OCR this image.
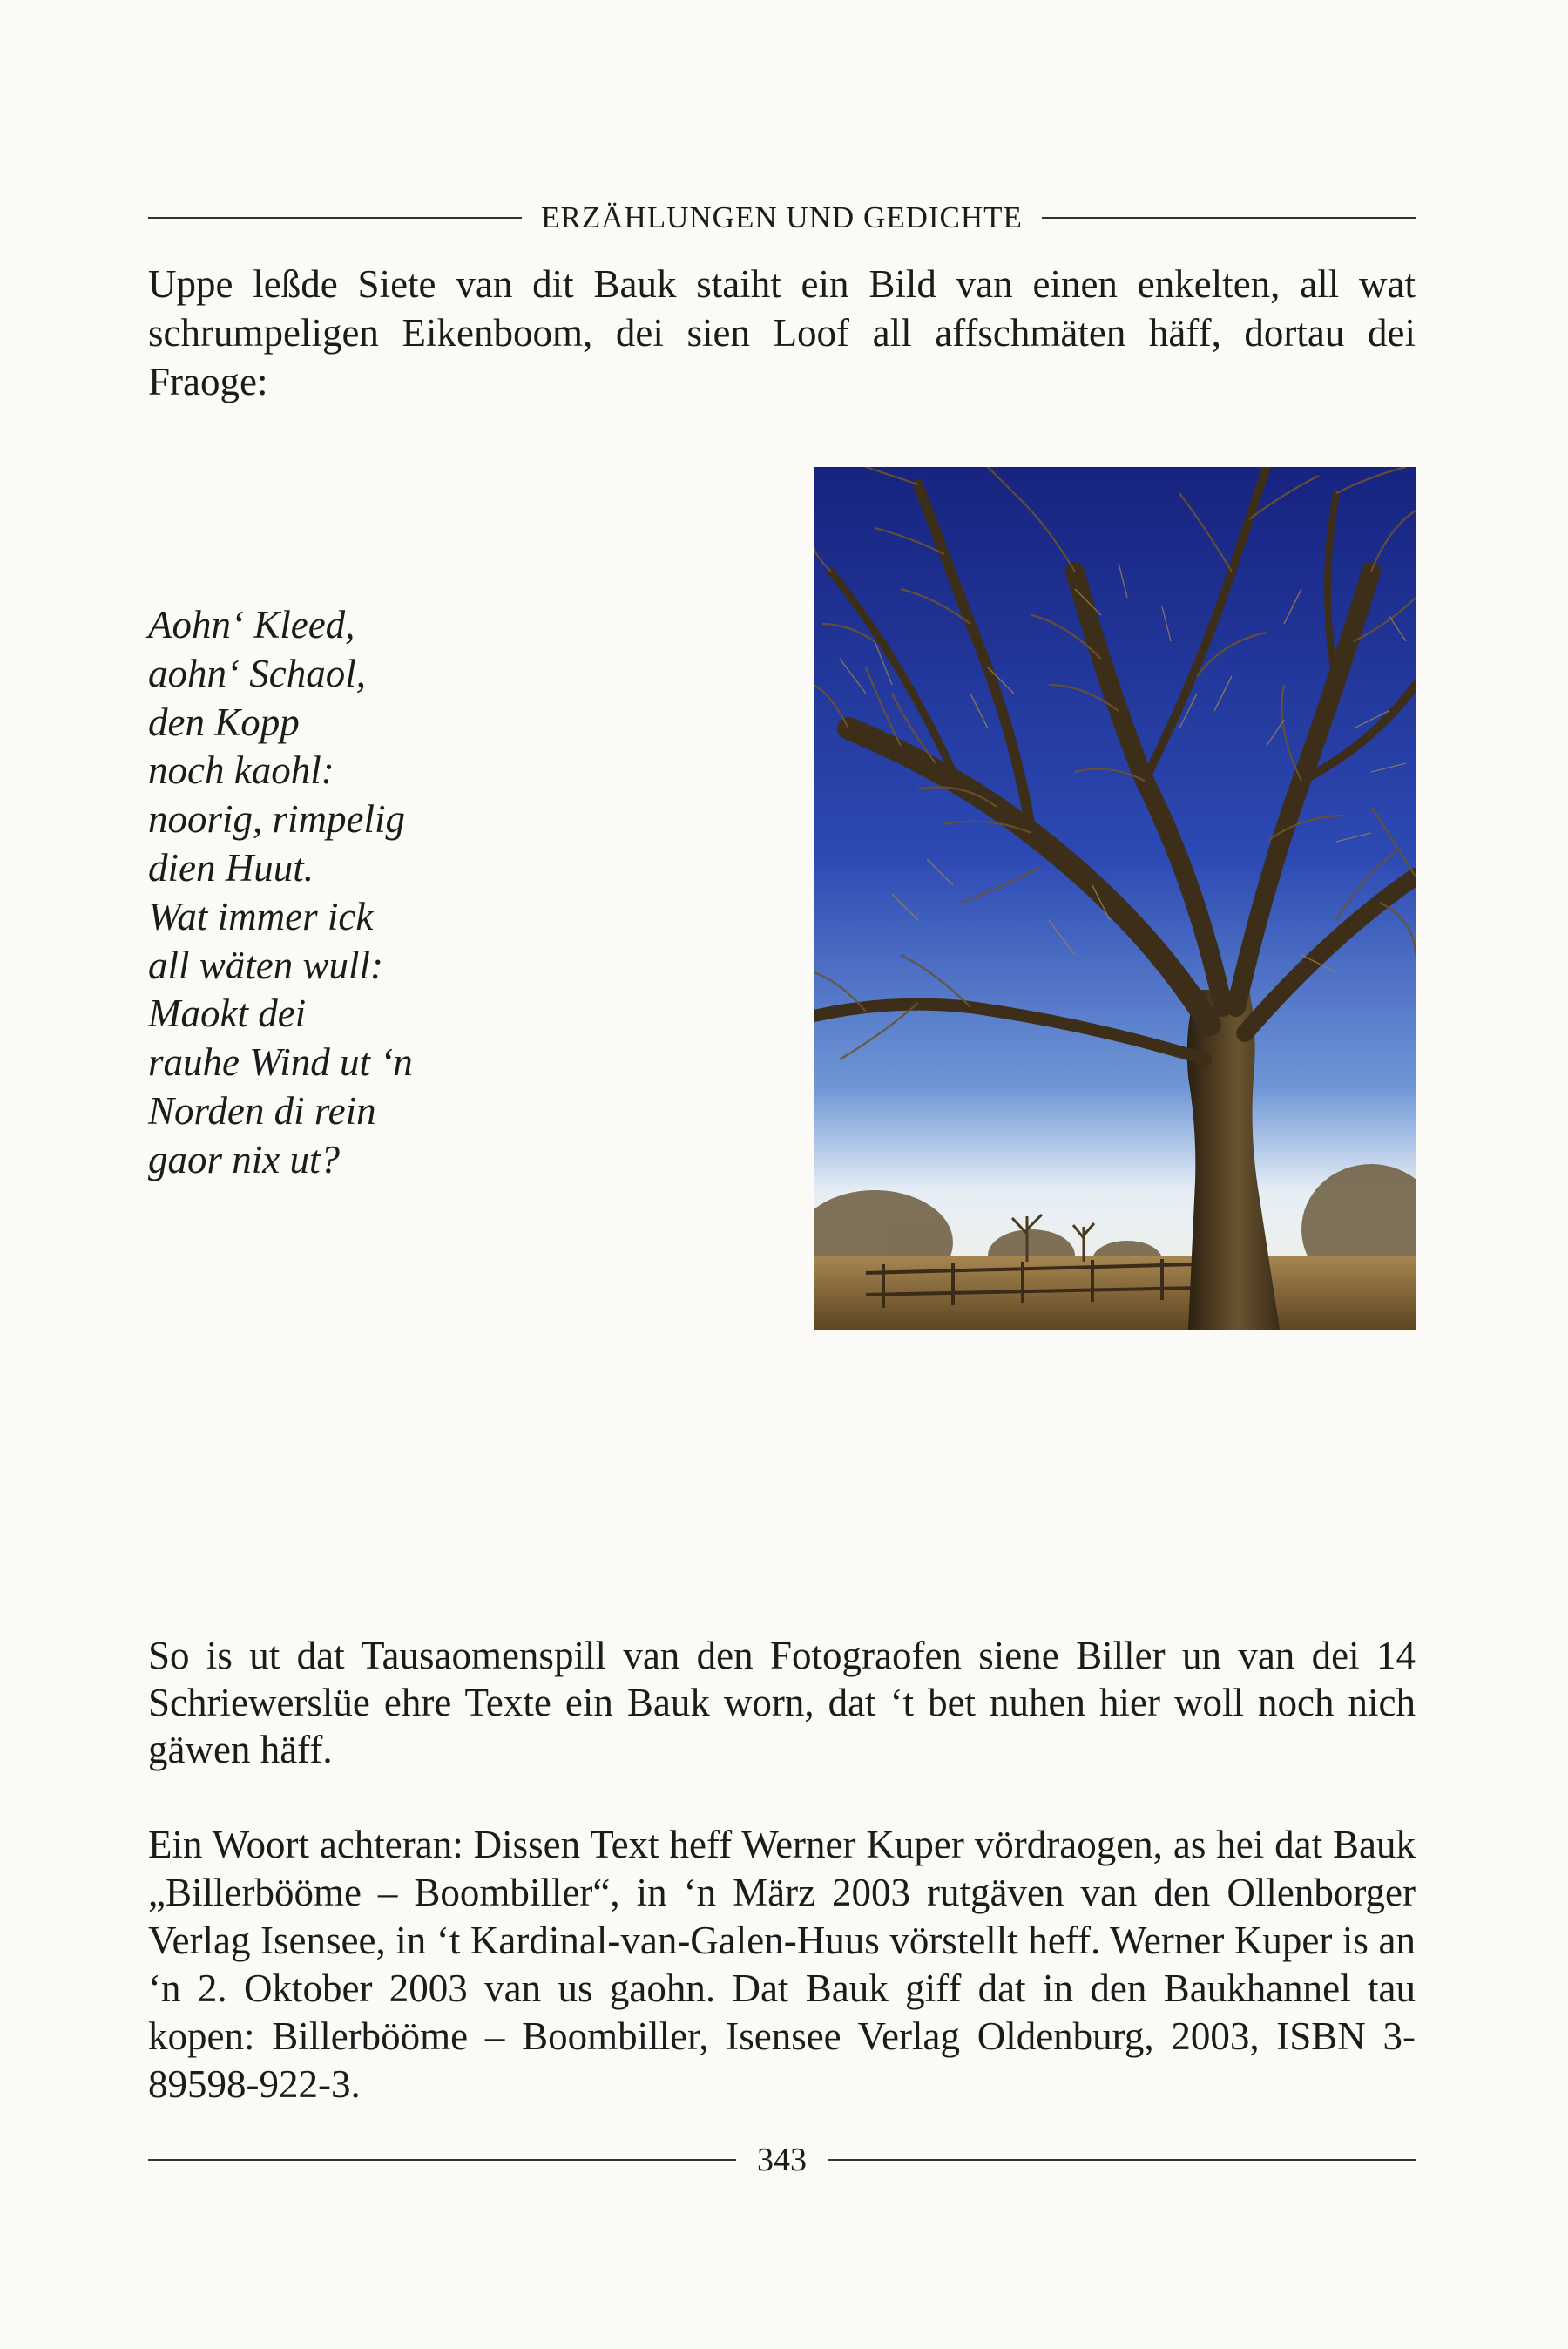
ERZÄHLUNGEN UND GEDICHTE

Uppe leßde Siete van dit Bauk staiht ein Bild van einen enkelten, all wat schrumpeligen Eikenboom, dei sien Loof all affschmäten häff, dortau dei Fraoge:

Aohn‘ Kleed,
aohn‘ Schaol,
den Kopp
noch kaohl:
noorig, rimpelig
dien Huut.
Wat immer ick
all wäten wull:
Maokt dei
rauhe Wind ut ‘n
Norden di rein
gaor nix ut?

So is ut dat Tausaomenspill van den Fotograofen siene Biller un van dei 14 Schriewerslüe ehre Texte ein Bauk worn, dat ‘t bet nuhen hier woll noch nich gäwen häff.

Ein Woort achteran: Dissen Text heff Werner Kuper vördraogen, as hei dat Bauk „Billerbööme – Boombiller“, in ‘n März 2003 rutgäven van den Ollenborger Verlag Isensee, in ‘t Kardinal-van-Galen-Huus vörstellt heff. Werner Kuper is an ‘n 2. Oktober 2003 van us gaohn. Dat Bauk giff dat in den Baukhannel tau kopen: Billerbööme – Boombiller, Isensee Verlag Oldenburg, 2003, ISBN 3-89598-922-3.

343
